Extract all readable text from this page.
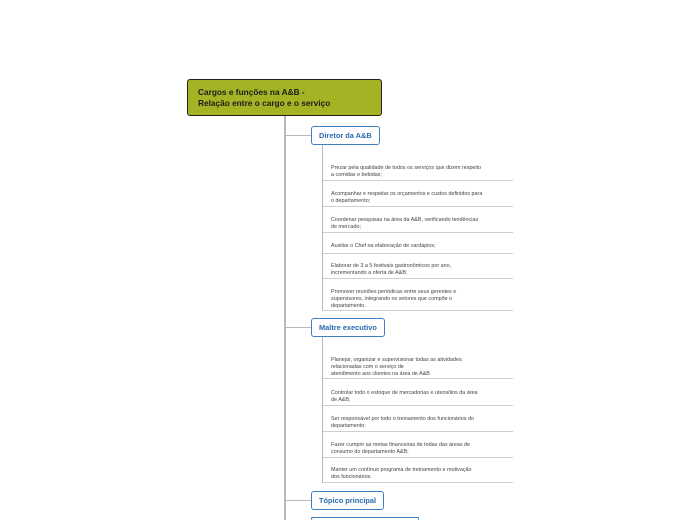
Cargos e funções na A&B -
Relação entre o cargo e o serviço
Diretor da A&B
Prezar pela qualidade de todos os serviços que dizem respeito
a comidas e bebidas;
Acompanhar e respeitar os orçamentos e custos definidos para
o departamento;
Coordenar pesquisas na área da A&B, verificando tendências
de mercado;
Auxiliar o Chef na elaboração de cardápios;
Elaborar de 3 a 5 festivais gastronômicos por ano,
incrementando a oferta de A&B;
Promover reuniões periódicas entre seus gerentes e
supervisores, integrando os setores que compõe o
departamento.
Maître executivo
Planejar, organizar e supervisionar todas as atividades
relacionadas com o serviço de
atendimento aos clientes na área de A&B
Controlar todo o estoque de mercadorias e utensílios da área
de A&B;
Ser responsável por todo o treinamento dos funcionários do
departamento;
Fazer cumprir as metas financeiras de todas das áreas de
consumo do departamento A&B;
Manter um contínuo programa de treinamento e motivação
dos funcionários.
Tópico principal
